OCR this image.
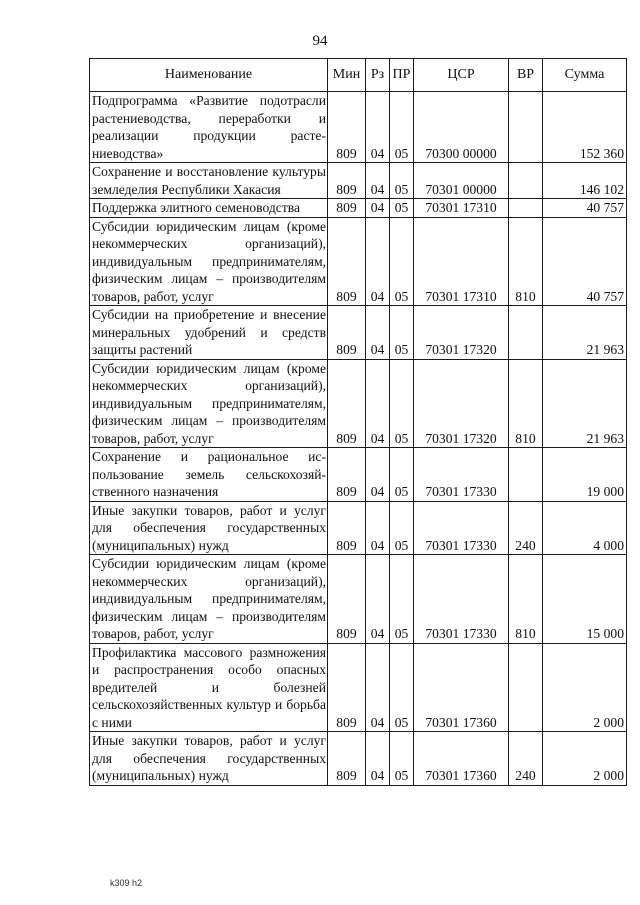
94
Наименование	Мин	Рз	ПР	ЦСР	ВР	Сумма
Подпрограмма «Развитие подотрасли растениеводства, переработки и реализации продукции растениеводства»	809	04	05	70300 00000		152 360
Сохранение и восстановление культуры земледелия Республики Хакасия	809	04	05	70301 00000		146 102
Поддержка элитного семеноводства	809	04	05	70301 17310		40 757
Субсидии юридическим лицам (кроме некоммерческих организаций), индивидуальным предпринимателям, физическим лицам – производителям товаров, работ, услуг	809	04	05	70301 17310	810	40 757
Субсидии на приобретение и внесение минеральных удобрений и средств защиты растений	809	04	05	70301 17320		21 963
Субсидии юридическим лицам (кроме некоммерческих организаций), индивидуальным предпринимателям, физическим лицам – производителям товаров, работ, услуг	809	04	05	70301 17320	810	21 963
Сохранение и рациональное использование земель сельскохозяйственного назначения	809	04	05	70301 17330		19 000
Иные закупки товаров, работ и услуг для обеспечения государственных (муниципальных) нужд	809	04	05	70301 17330	240	4 000
Субсидии юридическим лицам (кроме некоммерческих организаций), индивидуальным предпринимателям, физическим лицам – производителям товаров, работ, услуг	809	04	05	70301 17330	810	15 000
Профилактика массового размножения и распространения особо опасных вредителей и болезней сельскохозяйственных культур и борьба с ними	809	04	05	70301 17360		2 000
Иные закупки товаров, работ и услуг для обеспечения государственных (муниципальных) нужд	809	04	05	70301 17360	240	2 000
k309 h2
